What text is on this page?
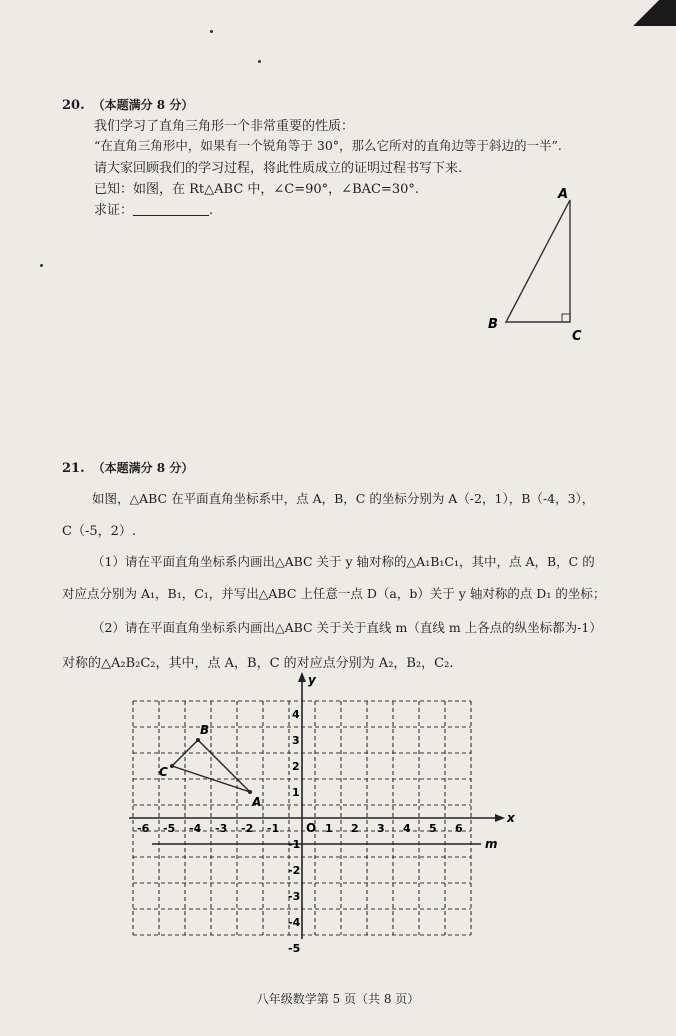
20. （本题满分 8 分）
我们学习了直角三角形一个非常重要的性质：
“在直角三角形中，如果有一个锐角等于 30°，那么它所对的直角边等于斜边的一半”.
请大家回顾我们的学习过程，将此性质成立的证明过程书写下来.
已知：如图，在 Rt△ABC 中，∠C=90°，∠BAC=30°.
求证：	.
A
B
C
21. （本题满分 8 分）
如图，△ABC 在平面直角坐标系中，点 A，B，C 的坐标分别为 A（-2，1），B（-4，3），
C（-5，2）.
（1）请在平面直角坐标系内画出△ABC 关于 y 轴对称的△A₁B₁C₁，其中，点 A，B，C 的
对应点分别为 A₁，B₁，C₁，并写出△ABC 上任意一点 D（a，b）关于 y 轴对称的点 D₁ 的坐标；
（2）请在平面直角坐标系内画出△ABC 关于关于直线 m（直线 m 上各点的纵坐标都为-1）
对称的△A₂B₂C₂，其中，点 A，B，C 的对应点分别为 A₂，B₂，C₂.
A
B
C
-6 -5 -4 -3 -2 -1	1 2 3 4 5 6
4
3
2
1
-1
-2
-3
-4
-5
x
y
O
m
八年级数学第 5 页（共 8 页）
